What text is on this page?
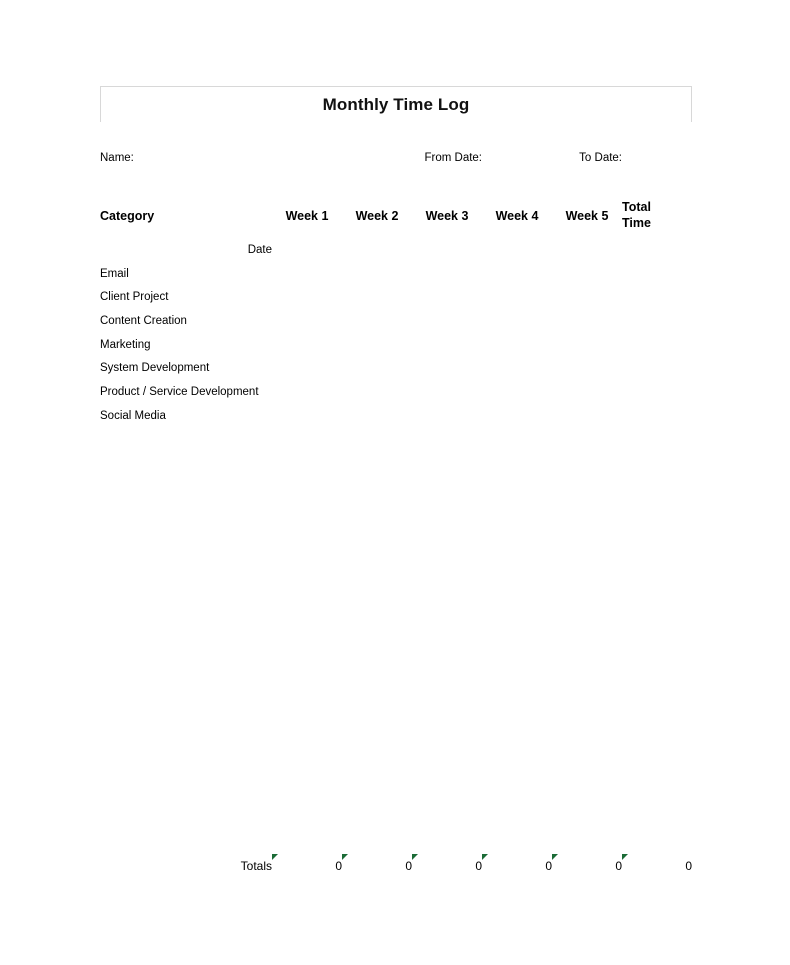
Monthly Time Log

Name:			From Date:		To Date:	

Category	Week 1	Week 2	Week 3	Week 4	Week 5	Total
Time

Date						
Email						
Client Project						
Content Creation						
Marketing						
System Development						
Product / Service Development						
Social Media						

Totals	0	0	0	0	0	0
